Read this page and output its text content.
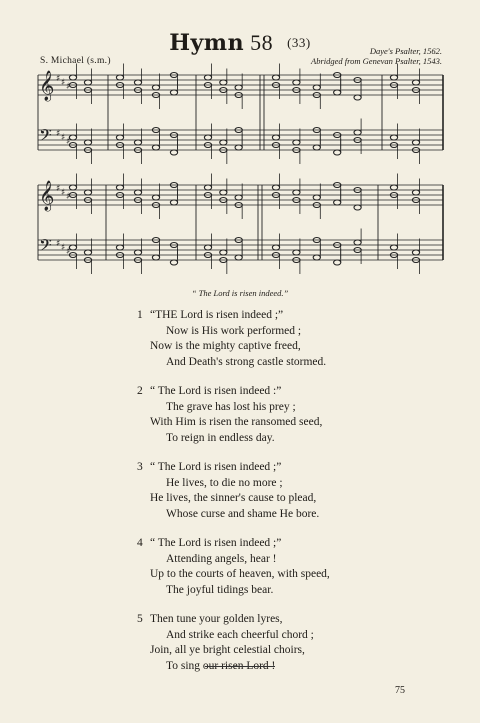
Hymn 58 (33)
S. Michael (s.m.)
Daye's Psalter, 1562.
Abridged from Genevan Psalter, 1543.
𝄞 ♯ ♯ ♯
𝄢 ♯ ♯ ♯
𝄞 ♯ ♯ ♯
𝄢 ♯ ♯ ♯
“ The Lord is risen indeed.”
1 “THE Lord is risen indeed ;”
Now is His work performed ;
Now is the mighty captive freed,
And Death's strong castle stormed.
2 “ The Lord is risen indeed :”
The grave has lost his prey ;
With Him is risen the ransomed seed,
To reign in endless day.
3 “ The Lord is risen indeed ;”
He lives, to die no more ;
He lives, the sinner's cause to plead,
Whose curse and shame He bore.
4 “ The Lord is risen indeed ;”
Attending angels, hear !
Up to the courts of heaven, with speed,
The joyful tidings bear.
5 Then tune your golden lyres,
And strike each cheerful chord ;
Join, all ye bright celestial choirs,
To sing our risen Lord !
75
